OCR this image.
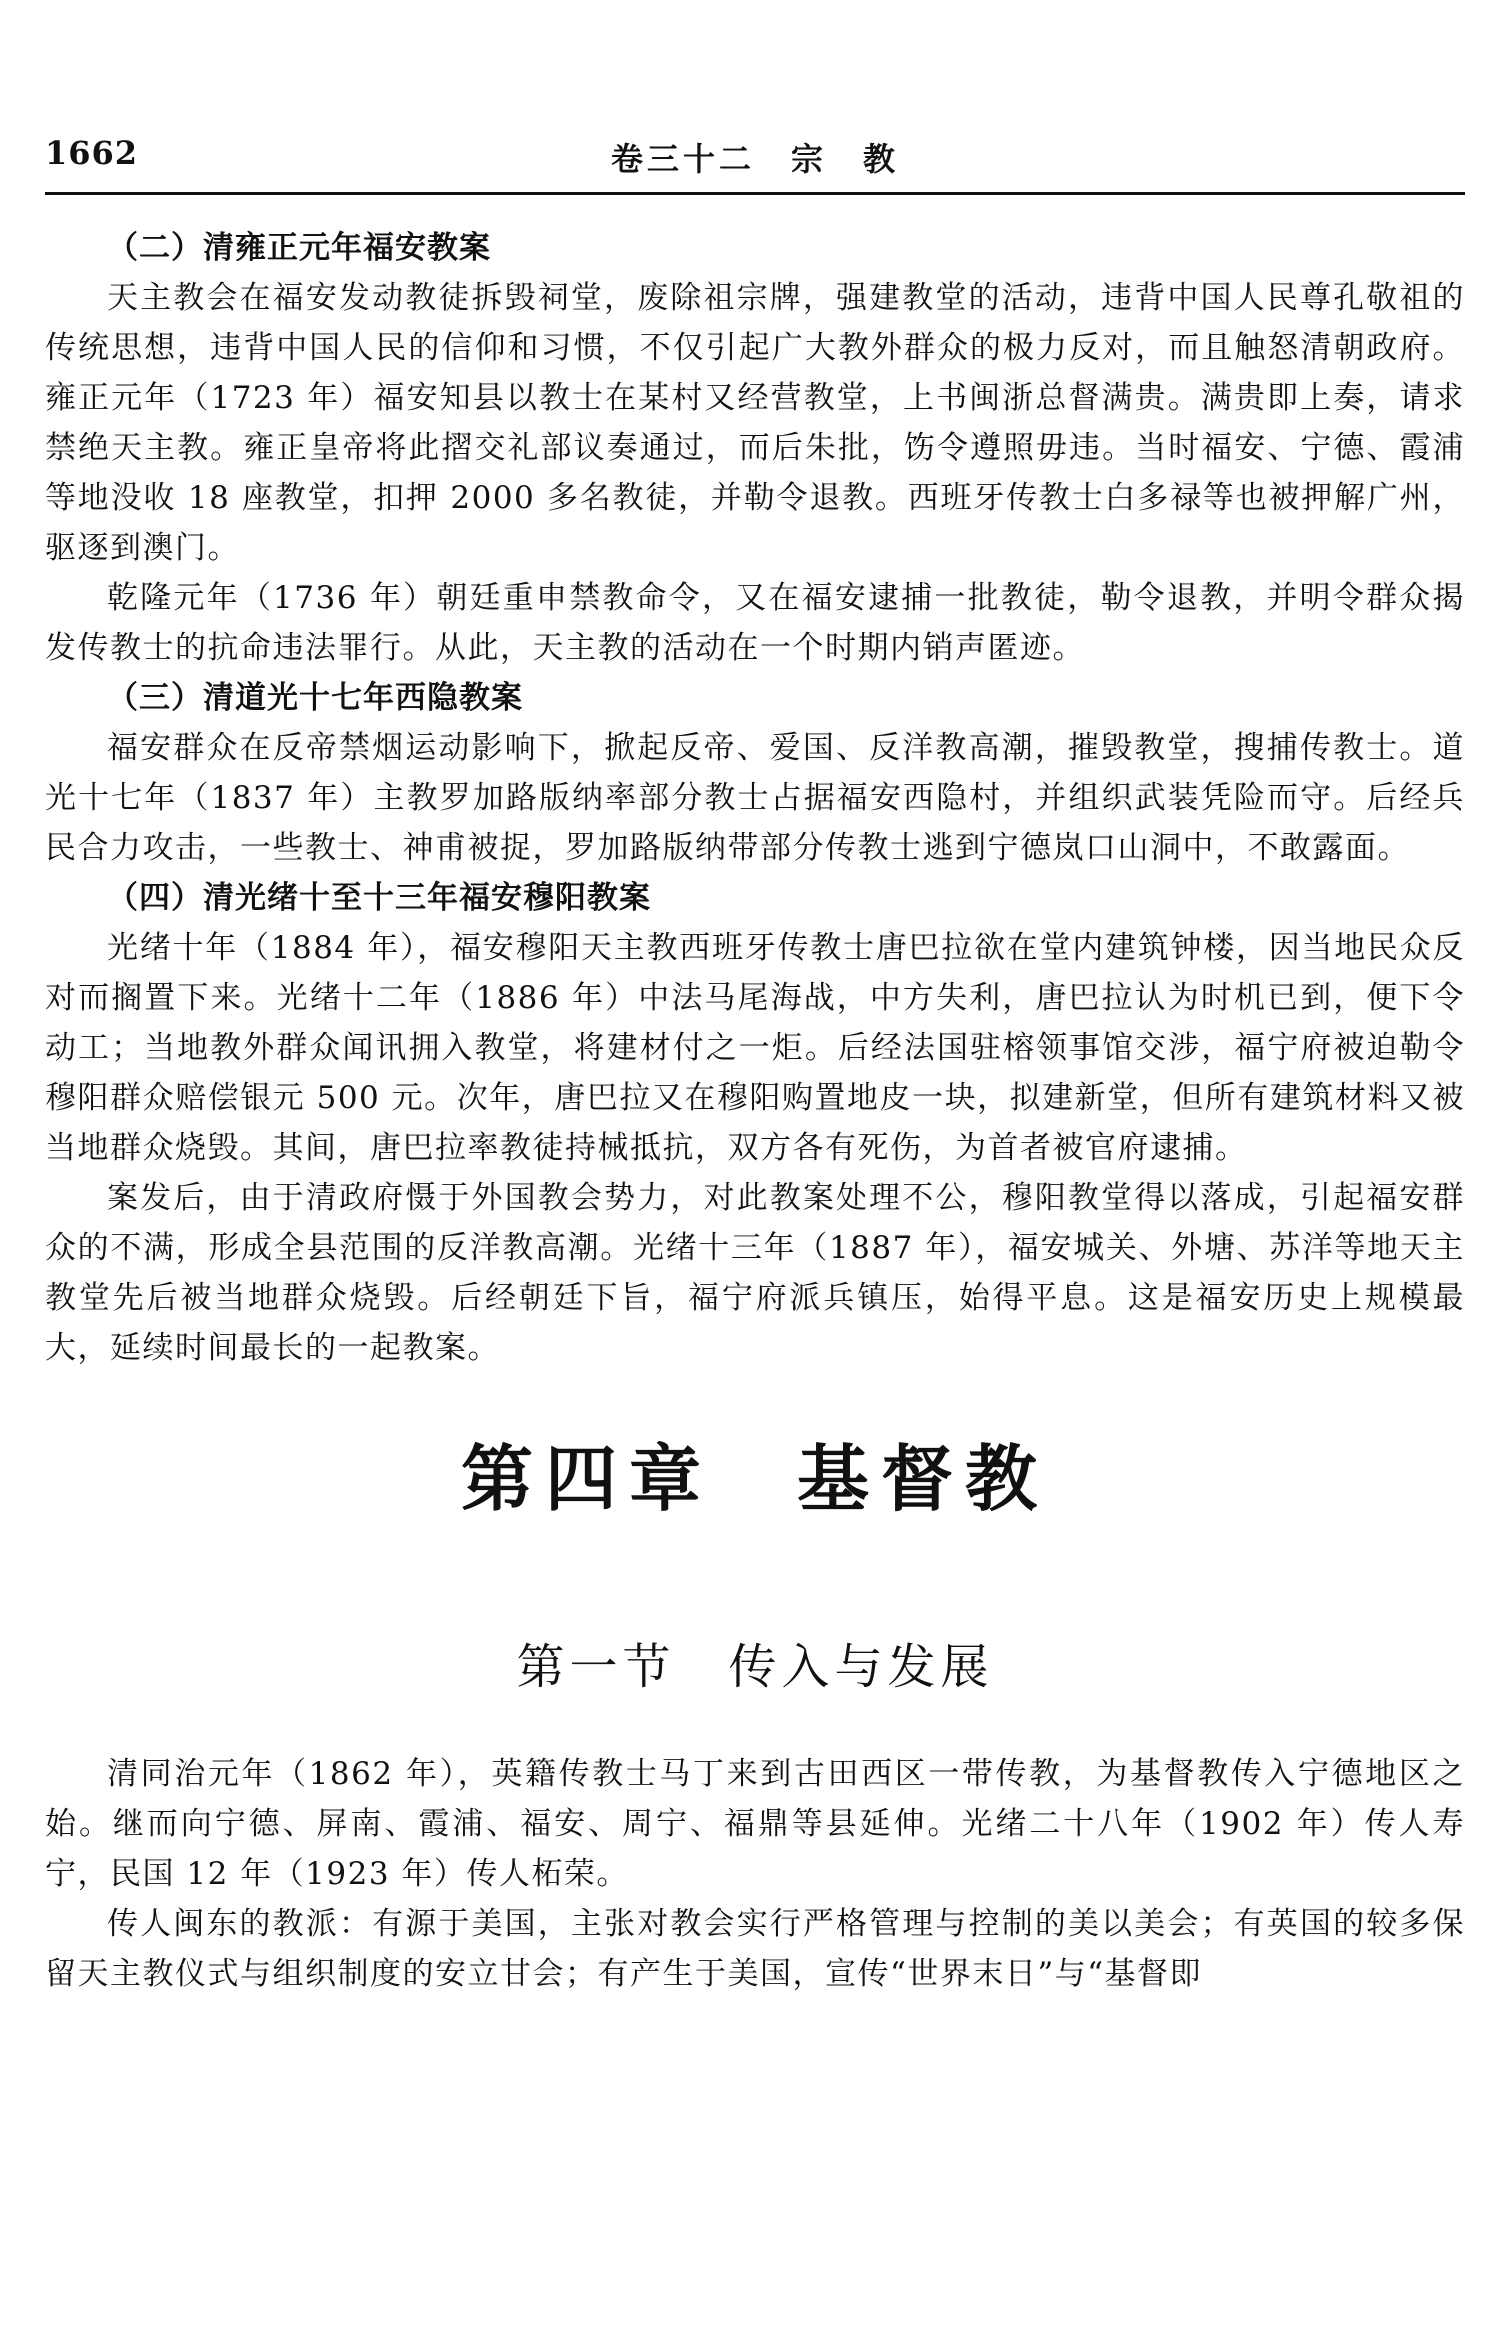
1662	卷三十二　宗　教

（二）清雍正元年福安教案

天主教会在福安发动教徒拆毁祠堂，废除祖宗牌，强建教堂的活动，违背中国人民尊孔敬祖的传统思想，违背中国人民的信仰和习惯，不仅引起广大教外群众的极力反对，而且触怒清朝政府。雍正元年（1723 年）福安知县以教士在某村又经营教堂，上书闽浙总督满贵。满贵即上奏，请求禁绝天主教。雍正皇帝将此摺交礼部议奏通过，而后朱批，饬令遵照毋违。当时福安、宁德、霞浦等地没收 18 座教堂，扣押 2000 多名教徒，并勒令退教。西班牙传教士白多禄等也被押解广州，驱逐到澳门。

乾隆元年（1736 年）朝廷重申禁教命令，又在福安逮捕一批教徒，勒令退教，并明令群众揭发传教士的抗命违法罪行。从此，天主教的活动在一个时期内销声匿迹。

（三）清道光十七年西隐教案

福安群众在反帝禁烟运动影响下，掀起反帝、爱国、反洋教高潮，摧毁教堂，搜捕传教士。道光十七年（1837 年）主教罗加路版纳率部分教士占据福安西隐村，并组织武装凭险而守。后经兵民合力攻击，一些教士、神甫被捉，罗加路版纳带部分传教士逃到宁德岚口山洞中，不敢露面。

（四）清光绪十至十三年福安穆阳教案

光绪十年（1884 年），福安穆阳天主教西班牙传教士唐巴拉欲在堂内建筑钟楼，因当地民众反对而搁置下来。光绪十二年（1886 年）中法马尾海战，中方失利，唐巴拉认为时机已到，便下令动工；当地教外群众闻讯拥入教堂，将建材付之一炬。后经法国驻榕领事馆交涉，福宁府被迫勒令穆阳群众赔偿银元 500 元。次年，唐巴拉又在穆阳购置地皮一块，拟建新堂，但所有建筑材料又被当地群众烧毁。其间，唐巴拉率教徒持械抵抗，双方各有死伤，为首者被官府逮捕。

案发后，由于清政府慑于外国教会势力，对此教案处理不公，穆阳教堂得以落成，引起福安群众的不满，形成全县范围的反洋教高潮。光绪十三年（1887 年），福安城关、外塘、苏洋等地天主教堂先后被当地群众烧毁。后经朝廷下旨，福宁府派兵镇压，始得平息。这是福安历史上规模最大，延续时间最长的一起教案。

第四章　基督教
第一节　传入与发展

清同治元年（1862 年），英籍传教士马丁来到古田西区一带传教，为基督教传入宁德地区之始。继而向宁德、屏南、霞浦、福安、周宁、福鼎等县延伸。光绪二十八年（1902 年）传人寿宁，民国 12 年（1923 年）传人柘荣。

传人闽东的教派：有源于美国，主张对教会实行严格管理与控制的美以美会；有英国的较多保留天主教仪式与组织制度的安立甘会；有产生于美国，宣传“世界末日”与“基督即
